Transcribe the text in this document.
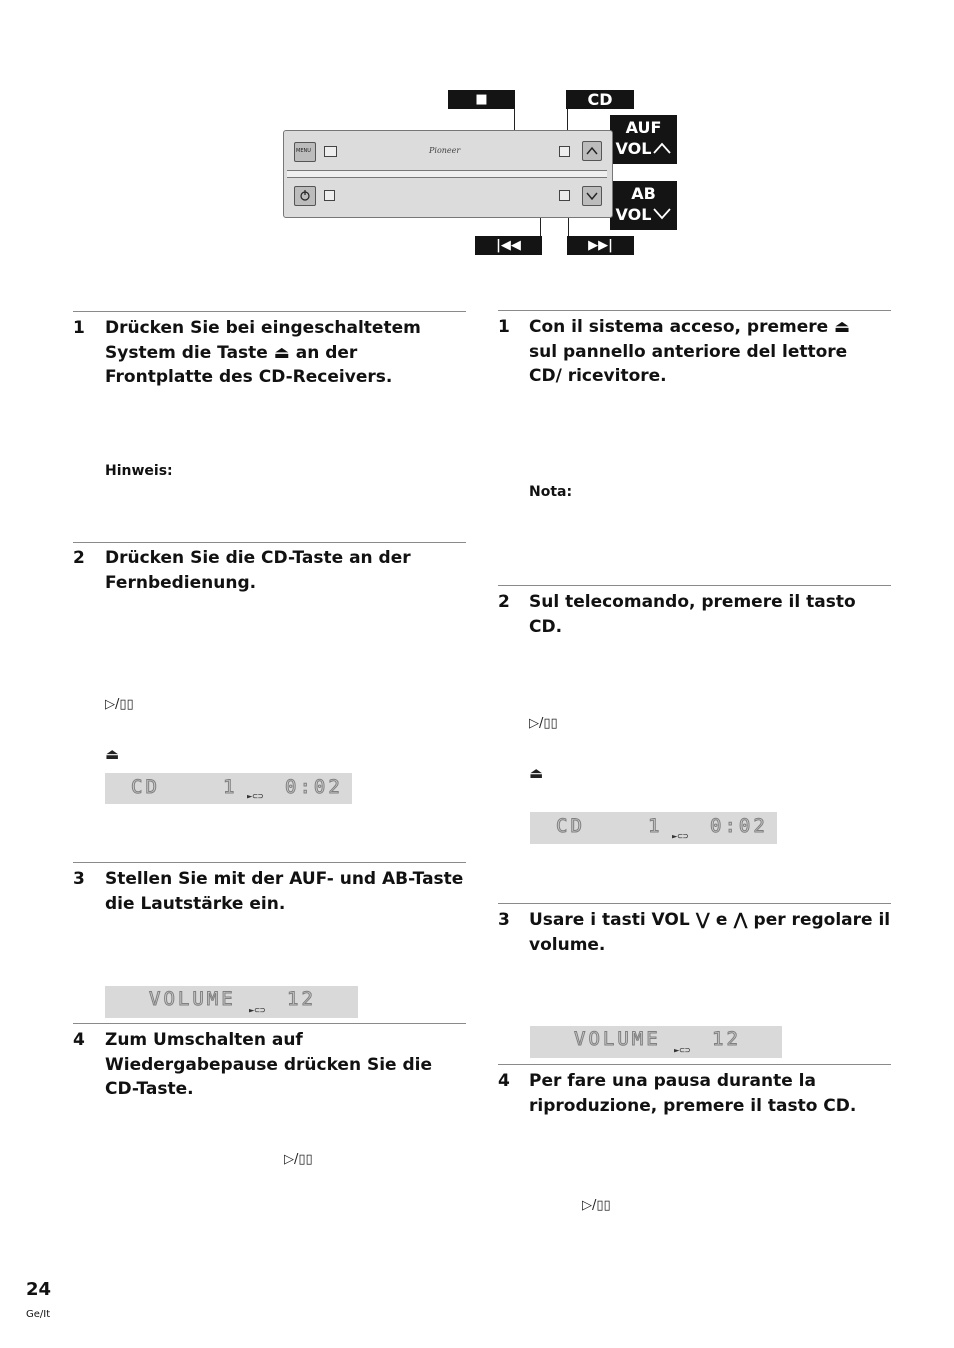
■	CD
AUF
VOL
AB
VOL
|◀◀	▶▶|
MENU	Pioneer
1 Drücken Sie bei eingeschaltetem System die Taste ⏏ an der Frontplatte des CD-Receivers.
Hinweis:
2 Drücken Sie die CD-Taste an der Fernbedienung.
▷/▯▯
⏏
CD	1	0:02
►⊂⊃
3 Stellen Sie mit der AUF- und AB-Taste die Lautstärke ein.
VOLUME	12
►⊂⊃
4 Zum Umschalten auf Wiedergabepause drücken Sie die CD-Taste.
▷/▯▯
1 Con il sistema acceso, premere ⏏ sul pannello anteriore del lettore CD/ ricevitore.
Nota:
2 Sul telecomando, premere il tasto CD.
▷/▯▯
⏏
CD	1	0:02
►⊂⊃
3 Usare i tasti VOL ⋁ e ⋀ per regolare il volume.
VOLUME	12
►⊂⊃
4 Per fare una pausa durante la riproduzione, premere il tasto CD.
▷/▯▯
24
Ge/It
